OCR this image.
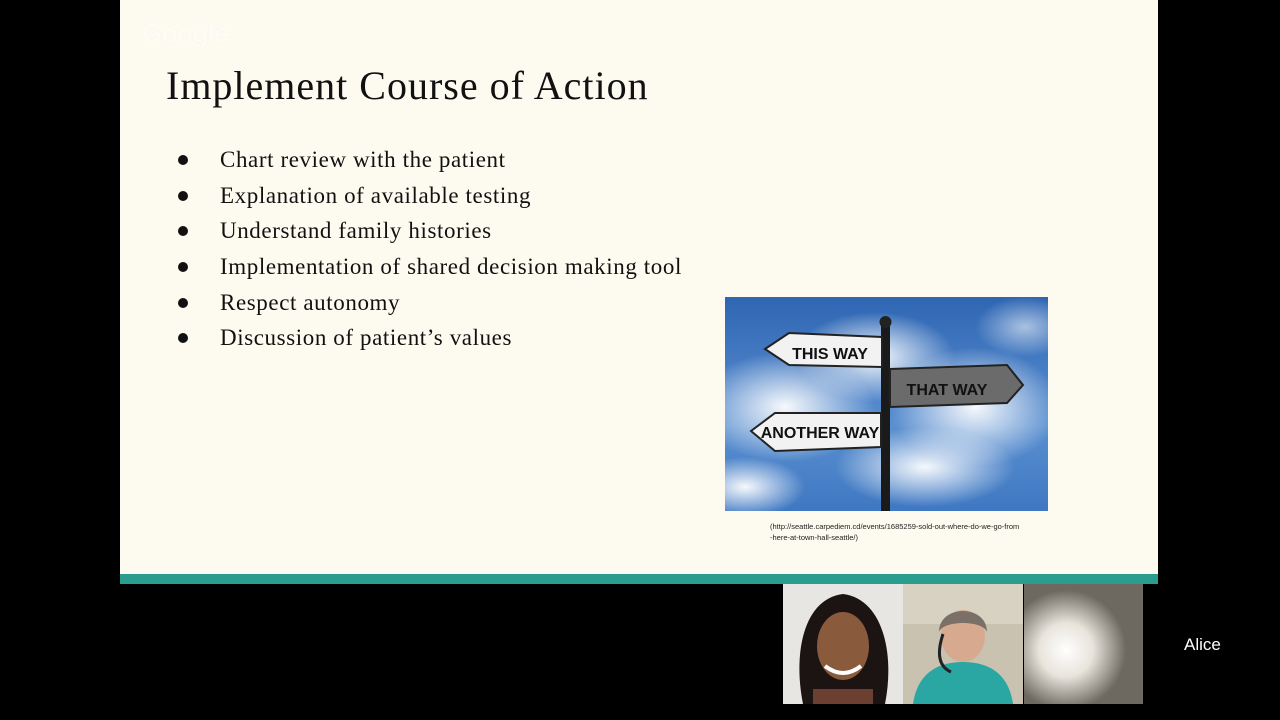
Google
Implement Course of Action
Chart review with the patient
Explanation of available testing
Understand family histories
Implementation of shared decision making tool
Respect autonomy
Discussion of patient’s values
THIS WAY
THAT WAY
ANOTHER WAY
(http://seattle.carpediem.cd/events/1685259-sold-out-where-do-we-go-from-here-at-town-hall-seattle/)
Alice
